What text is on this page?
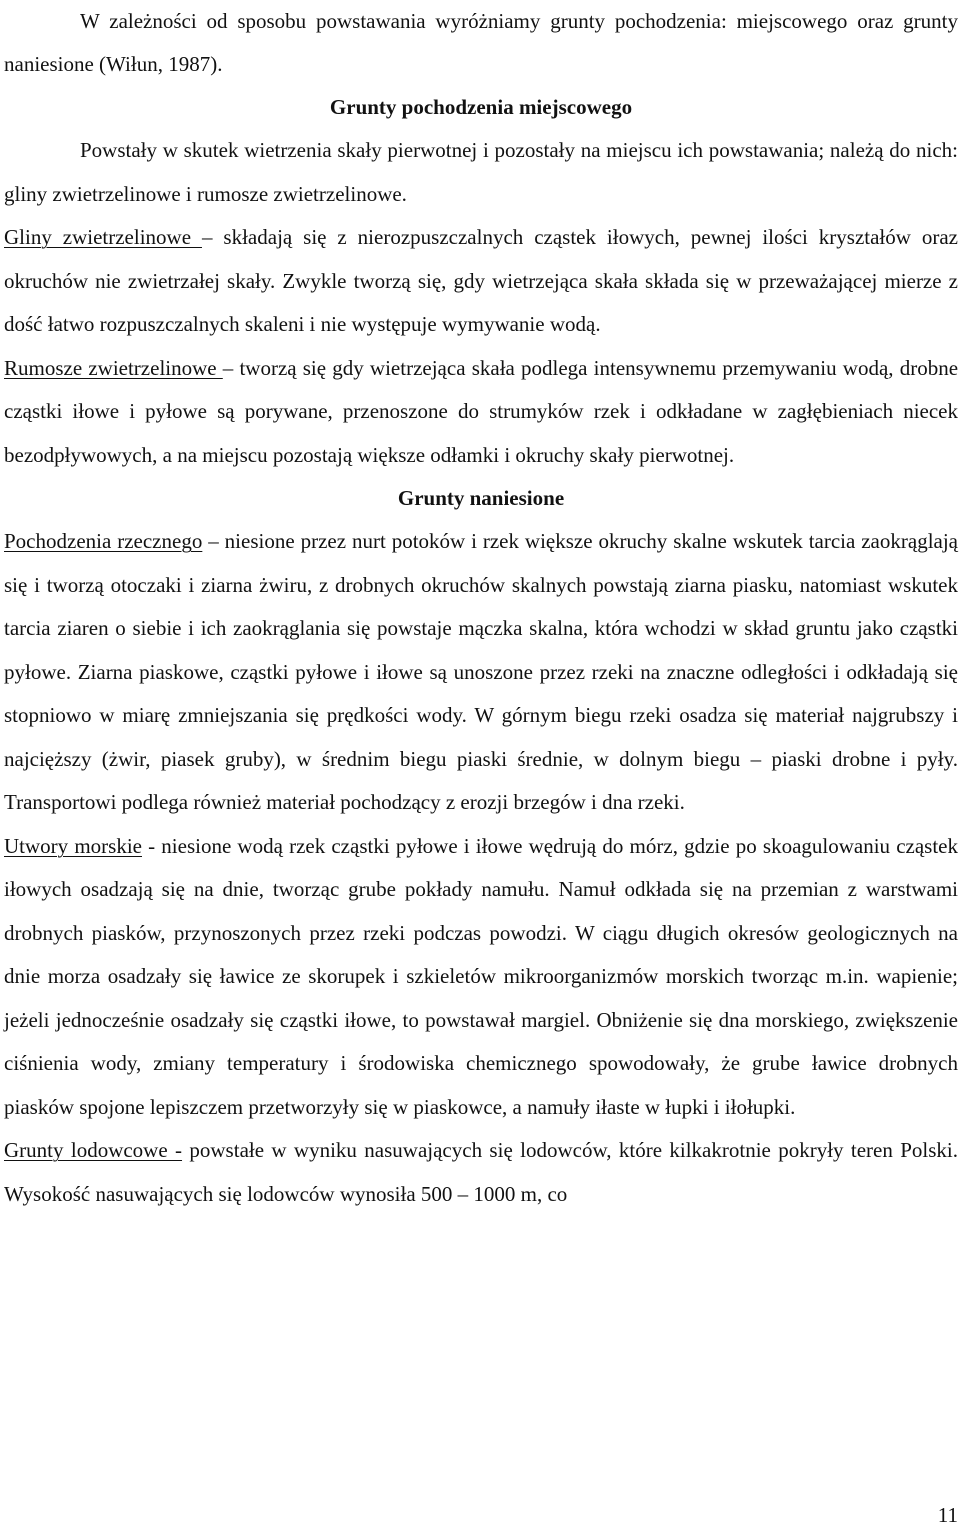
W zależności od sposobu powstawania wyróżniamy grunty pochodzenia: miejscowego oraz grunty naniesione (Wiłun, 1987).

Grunty pochodzenia miejscowego

Powstały w skutek wietrzenia skały pierwotnej i pozostały na miejscu ich powstawania; należą do nich: gliny zwietrzelinowe i rumosze zwietrzelinowe.

Gliny zwietrzelinowe – składają się z nierozpuszczalnych cząstek iłowych, pewnej ilości kryształów oraz okruchów nie zwietrzałej skały. Zwykle tworzą się, gdy wietrzejąca skała składa się w przeważającej mierze z dość łatwo rozpuszczalnych skaleni i nie występuje wymywanie wodą.

Rumosze zwietrzelinowe – tworzą się gdy wietrzejąca skała podlega intensywnemu przemywaniu wodą, drobne cząstki iłowe i pyłowe są porywane, przenoszone do strumyków rzek i odkładane w zagłębieniach niecek bezodpływowych, a na miejscu pozostają większe odłamki i okruchy skały pierwotnej.

Grunty naniesione

Pochodzenia rzecznego – niesione przez nurt potoków i rzek większe okruchy skalne wskutek tarcia zaokrąglają się i tworzą otoczaki i ziarna żwiru, z drobnych okruchów skalnych powstają ziarna piasku, natomiast wskutek tarcia ziaren o siebie i ich zaokrąglania się powstaje mączka skalna, która wchodzi w skład gruntu jako cząstki pyłowe. Ziarna piaskowe, cząstki pyłowe i iłowe są unoszone przez rzeki na znaczne odległości i odkładają się stopniowo w miarę zmniejszania się prędkości wody. W górnym biegu rzeki osadza się materiał najgrubszy i najcięższy (żwir, piasek gruby), w średnim biegu piaski średnie, w dolnym biegu – piaski drobne i pyły. Transportowi podlega również materiał pochodzący z erozji brzegów i dna rzeki.

Utwory morskie - niesione wodą rzek cząstki pyłowe i iłowe wędrują do mórz, gdzie po skoagulowaniu cząstek iłowych osadzają się na dnie, tworząc grube pokłady namułu. Namuł odkłada się na przemian z warstwami drobnych piasków, przynoszonych przez rzeki podczas powodzi. W ciągu długich okresów geologicznych na dnie morza osadzały się ławice ze skorupek i szkieletów mikroorganizmów morskich tworząc m.in. wapienie; jeżeli jednocześnie osadzały się cząstki iłowe, to powstawał margiel. Obniżenie się dna morskiego, zwiększenie ciśnienia wody, zmiany temperatury i środowiska chemicznego spowodowały, że grube ławice drobnych piasków spojone lepiszczem przetworzyły się w piaskowce, a namuły iłaste w łupki i iłołupki.

Grunty lodowcowe - powstałe w wyniku nasuwających się lodowców, które kilkakrotnie pokryły teren Polski. Wysokość nasuwających się lodowców wynosiła 500 – 1000 m, co

11
